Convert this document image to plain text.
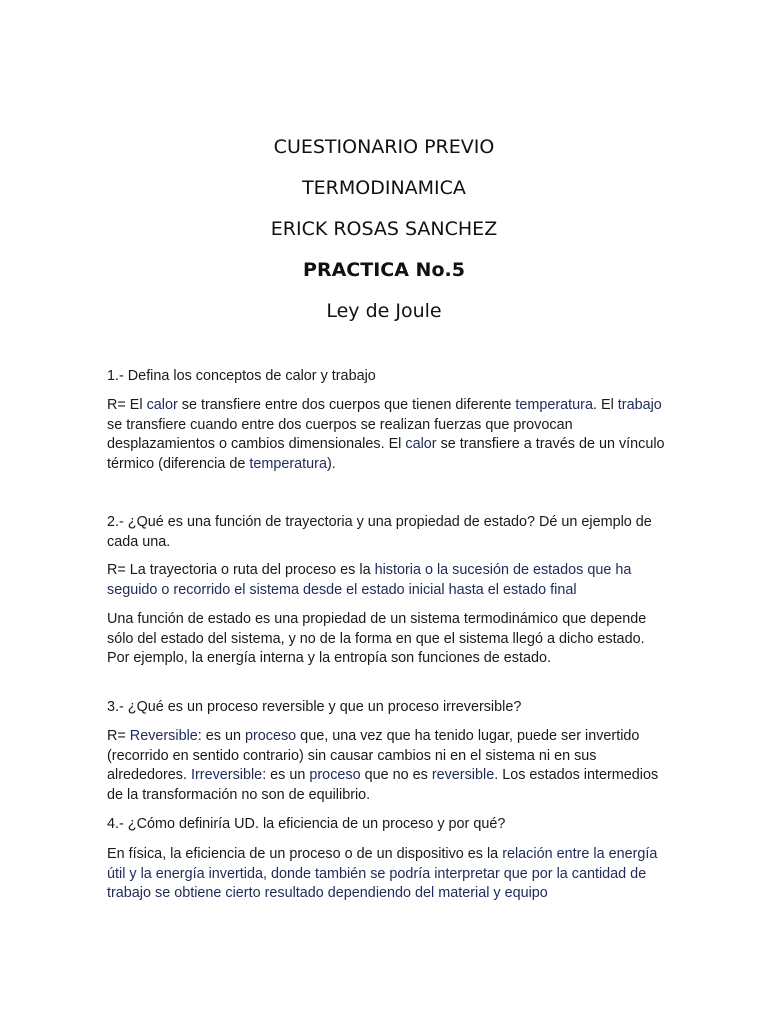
CUESTIONARIO PREVIO
TERMODINAMICA
ERICK ROSAS SANCHEZ
PRACTICA No.5
Ley de Joule
1.- Defina los conceptos de calor y trabajo
R= El calor se transfiere entre dos cuerpos que tienen diferente temperatura. El trabajo se transfiere cuando entre dos cuerpos se realizan fuerzas que provocan desplazamientos o cambios dimensionales. El calor se transfiere a través de un vínculo térmico (diferencia de temperatura).
2.- ¿Qué es una función de trayectoria y una propiedad de estado? Dé un ejemplo de cada una.
R= La trayectoria o ruta del proceso es la historia o la sucesión de estados que ha seguido o recorrido el sistema desde el estado inicial hasta el estado final
Una función de estado es una propiedad de un sistema termodinámico que depende sólo del estado del sistema, y no de la forma en que el sistema llegó a dicho estado. Por ejemplo, la energía interna y la entropía son funciones de estado.
3.- ¿Qué es un proceso reversible y que un proceso irreversible?
R= Reversible: es un proceso que, una vez que ha tenido lugar, puede ser invertido (recorrido en sentido contrario) sin causar cambios ni en el sistema ni en sus alrededores. Irreversible: es un proceso que no es reversible. Los estados intermedios de la transformación no son de equilibrio.
4.- ¿Cómo definiría UD. la eficiencia de un proceso y por qué?
En física, la eficiencia de un proceso o de un dispositivo es la relación entre la energía útil y la energía invertida, donde también se podría interpretar que por la cantidad de trabajo se obtiene cierto resultado dependiendo del material y equipo
